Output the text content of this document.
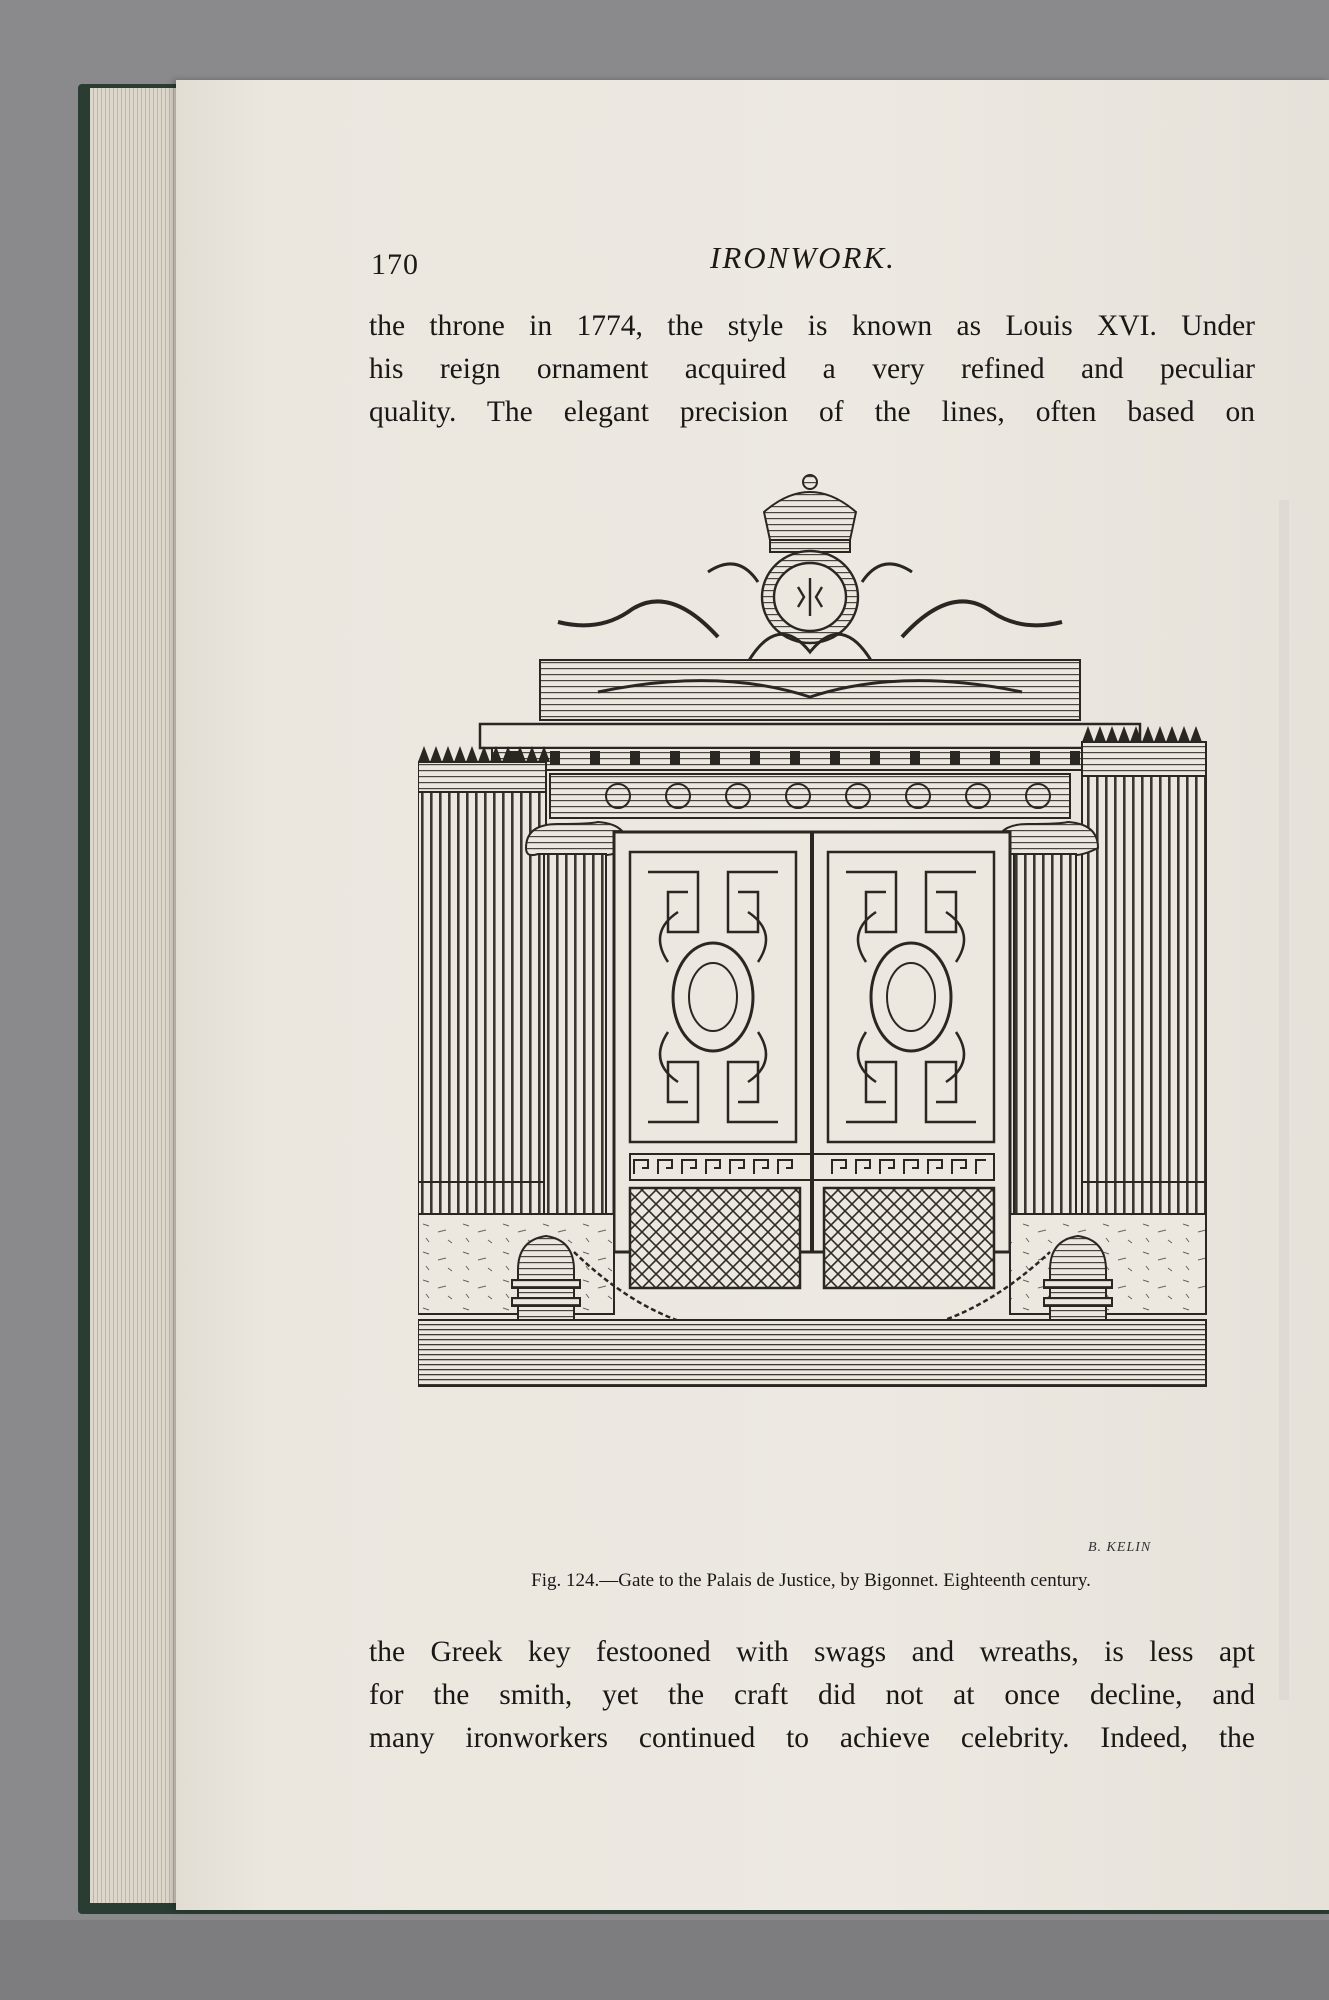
170	IRONWORK.
the throne in 1774, the style is known as Louis XVI. Under
his reign ornament acquired a very refined and peculiar
quality. The elegant precision of the lines, often based on
B. KELIN
Fig. 124.—Gate to the Palais de Justice, by Bigonnet. Eighteenth century.
the Greek key festooned with swags and wreaths, is less apt
for the smith, yet the craft did not at once decline, and
many ironworkers continued to achieve celebrity. Indeed, the
